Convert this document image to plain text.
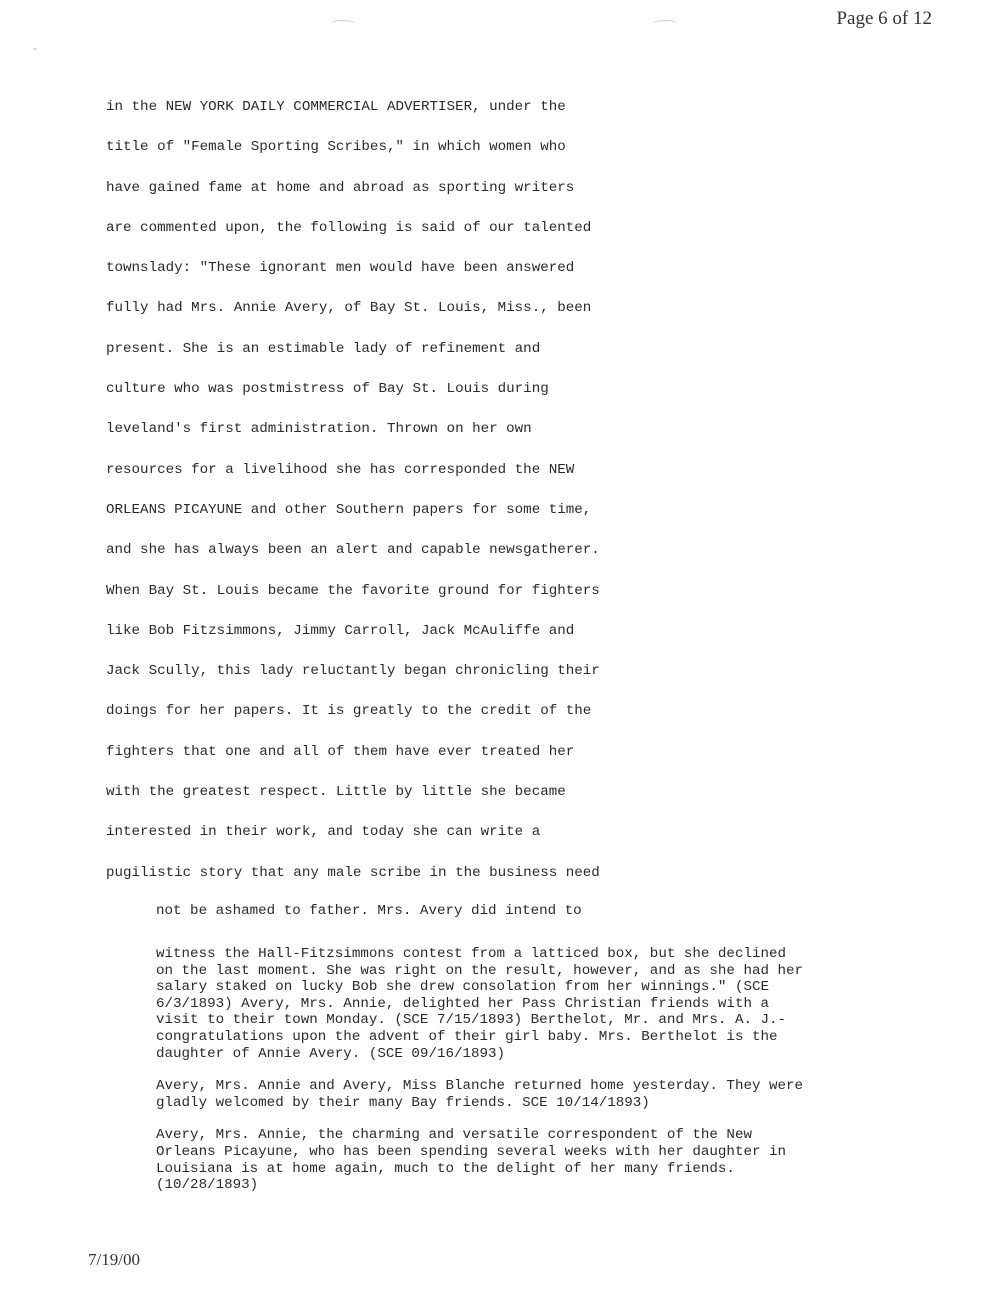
Page 6 of 12
in the NEW YORK DAILY COMMERCIAL ADVERTISER, under the
title of "Female Sporting Scribes," in which women who
have gained fame at home and abroad as sporting writers
are commented upon, the following is said of our talented
townslady: "These ignorant men would have been answered
fully had Mrs. Annie Avery, of Bay St. Louis, Miss., been
present. She is an estimable lady of refinement and
culture who was postmistress of Bay St. Louis during
leveland's first administration. Thrown on her own
resources for a livelihood she has corresponded the NEW
ORLEANS PICAYUNE and other Southern papers for some time,
and she has always been an alert and capable newsgatherer.
When Bay St. Louis became the favorite ground for fighters
like Bob Fitzsimmons, Jimmy Carroll, Jack McAuliffe and
Jack Scully, this lady reluctantly began chronicling their
doings for her papers. It is greatly to the credit of the
fighters that one and all of them have ever treated her
with the greatest respect. Little by little she became
interested in their work, and today she can write a
pugilistic story that any male scribe in the business need
not be ashamed to father. Mrs. Avery did intend to

witness the Hall-Fitzsimmons contest from a latticed box, but she declined
on the last moment. She was right on the result, however, and as she had her
salary staked on lucky Bob she drew consolation from her winnings." (SCE
6/3/1893) Avery, Mrs. Annie, delighted her Pass Christian friends with a
visit to their town Monday. (SCE 7/15/1893) Berthelot, Mr. and Mrs. A. J.-
congratulations upon the advent of their girl baby. Mrs. Berthelot is the
daughter of Annie Avery. (SCE 09/16/1893)

Avery, Mrs. Annie and Avery, Miss Blanche returned home yesterday. They were
gladly welcomed by their many Bay friends. SCE 10/14/1893)

Avery, Mrs. Annie, the charming and versatile correspondent of the New
Orleans Picayune, who has been spending several weeks with her daughter in
Louisiana is at home again, much to the delight of her many friends.
(10/28/1893)

7/19/00
